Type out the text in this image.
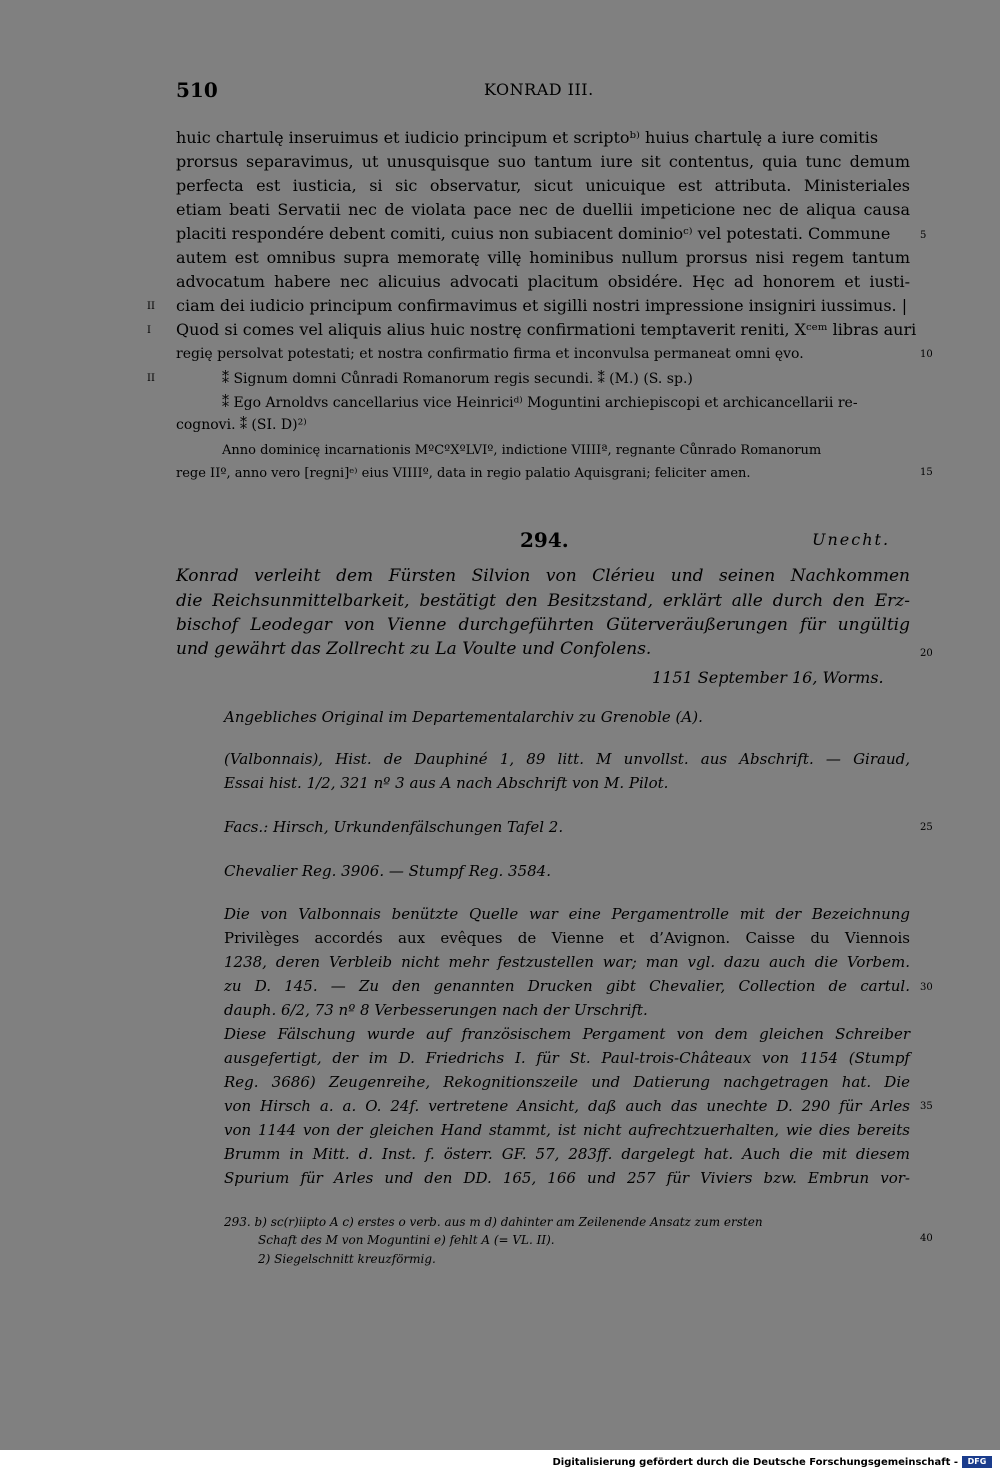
510	KONRAD III.
huic chartulę inseruimus et iudicio principum et scriptoᵇ⁾ huius chartulę a iure comitis
prorsus separavimus, ut unusquisque suo tantum iure sit contentus, quia tunc demum
perfecta est iusticia, si sic observatur, sicut unicuique est attributa. Ministeriales
etiam beati Servatii nec de violata pace nec de duellii impeticione nec de aliqua causa
placiti respondére debent comiti, cuius non subiacent dominioᶜ⁾ vel potestati. Commune
autem est omnibus supra memoratę villę hominibus nullum prorsus nisi regem tantum
advocatum habere nec alicuius advocati placitum obsidére. Hęc ad honorem et iusti-
ciam dei iudicio principum confirmavimus et sigilli nostri impressione insigniri iussimus. |
Quod si comes vel aliquis alius huic nostrę confirmationi temptaverit reniti, Xᶜᵉᵐ libras auri
regię persolvat potestati; et nostra confirmatio firma et inconvulsa permaneat omni ęvo.
⁑ Signum domni Cůnradi Romanorum regis secundi. ⁑ (M.) (S. sp.)
⁑ Ego Arnoldvs cancellarius vice Heinriciᵈ⁾ Moguntini archiepiscopi et archicancellarii re-
cognovi. ⁑ (SI. D)²⁾
Anno dominicę incarnationis MºCºXºLVIº, indictione VIIIIª, regnante Cůnrado Romanorum
rege IIº, anno vero [regni]ᵉ⁾ eius VIIIIº, data in regio palatio Aquisgrani; feliciter amen.
5
10
15
II
I
II
294.	Unecht.
Konrad verleiht dem Fürsten Silvion von Clérieu und seinen Nachkommen
die Reichsunmittelbarkeit, bestätigt den Besitzstand, erklärt alle durch den Erz-
bischof Leodegar von Vienne durchgeführten Güterveräußerungen für ungültig
und gewährt das Zollrecht zu La Voulte und Confolens.
1151 September 16, Worms.
Angebliches Original im Departementalarchiv zu Grenoble (A).
(Valbonnais), Hist. de Dauphiné 1, 89 litt. M unvollst. aus Abschrift. — Giraud,
Essai hist. 1/2, 321 nº 3 aus A nach Abschrift von M. Pilot.
Facs.: Hirsch, Urkundenfälschungen Tafel 2.
Chevalier Reg. 3906. — Stumpf Reg. 3584.
Die von Valbonnais benützte Quelle war eine Pergamentrolle mit der Bezeichnung
Privilèges accordés aux evêques de Vienne et d’Avignon. Caisse du Viennois
1238, deren Verbleib nicht mehr festzustellen war; man vgl. dazu auch die Vorbem.
zu D. 145. — Zu den genannten Drucken gibt Chevalier, Collection de cartul.
dauph. 6/2, 73 nº 8 Verbesserungen nach der Urschrift.
Diese Fälschung wurde auf französischem Pergament von dem gleichen Schreiber
ausgefertigt, der im D. Friedrichs I. für St. Paul-trois-Châteaux von 1154 (Stumpf
Reg. 3686) Zeugenreihe, Rekognitionszeile und Datierung nachgetragen hat. Die
von Hirsch a. a. O. 24f. vertretene Ansicht, daß auch das unechte D. 290 für Arles
von 1144 von der gleichen Hand stammt, ist nicht aufrechtzuerhalten, wie dies bereits
Brumm in Mitt. d. Inst. f. österr. GF. 57, 283ff. dargelegt hat. Auch die mit diesem
Spurium für Arles und den DD. 165, 166 und 257 für Viviers bzw. Embrun vor-
20
25
30
35
40
293. b) sc(r)iipto A c) erstes o verb. aus m d) dahinter am Zeilenende Ansatz zum ersten
Schaft des M von Moguntini e) fehlt A (= VL. II).
2) Siegelschnitt kreuzförmig.
Digitalisierung gefördert durch die Deutsche Forschungsgemeinschaft -	DFG
